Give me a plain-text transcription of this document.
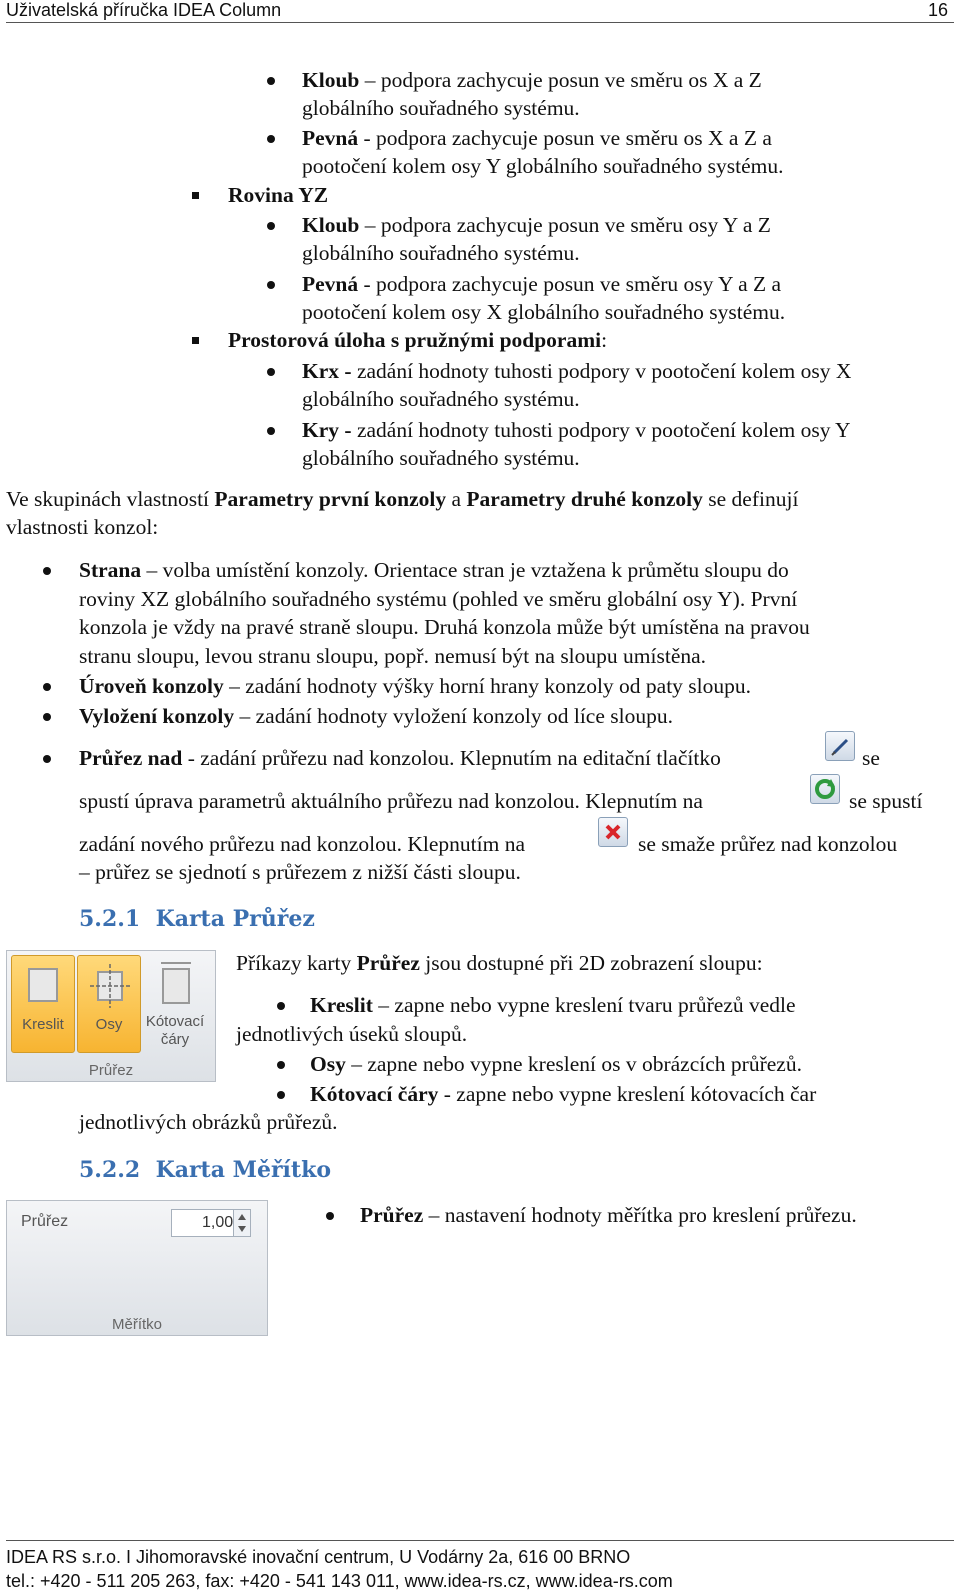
Uživatelská příručka IDEA Column	16
Kloub – podpora zachycuje posun ve směru os X a Z
globálního souřadného systému.
Pevná - podpora zachycuje posun ve směru os X a Z a
pootočení kolem osy Y globálního souřadného systému.
Rovina YZ
Kloub – podpora zachycuje posun ve směru osy Y a Z
globálního souřadného systému.
Pevná - podpora zachycuje posun ve směru osy Y a Z a
pootočení kolem osy X globálního souřadného systému.
Prostorová úloha s pružnými podporami:
Krx - zadání hodnoty tuhosti podpory v pootočení kolem osy X
globálního souřadného systému.
Kry - zadání hodnoty tuhosti podpory v pootočení kolem osy Y
globálního souřadného systému.
Ve skupinách vlastností Parametry první konzoly a Parametry druhé konzoly se definují
vlastnosti konzol:
Strana – volba umístění konzoly. Orientace stran je vztažena k průmětu sloupu do
roviny XZ globálního souřadného systému (pohled ve směru globální osy Y). První
konzola je vždy na pravé straně sloupu. Druhá konzola může být umístěna na pravou
stranu sloupu, levou stranu sloupu, popř. nemusí být na sloupu umístěna.
Úroveň konzoly – zadání hodnoty výšky horní hrany konzoly od paty sloupu.
Vyložení konzoly – zadání hodnoty vyložení konzoly od líce sloupu.
Průřez nad - zadání průřezu nad konzolou. Klepnutím na editační tlačítko	se
spustí úprava parametrů aktuálního průřezu nad konzolou. Klepnutím na	se spustí
zadání nového průřezu nad konzolou. Klepnutím na	se smaže průřez nad konzolou
– průřez se sjednotí s průřezem z nižší části sloupu.
5.2.1 Karta Průřez
Kreslit	Osy	Kótovací
čáry
Průřez
Příkazy karty Průřez jsou dostupné při 2D zobrazení sloupu:
Kreslit – zapne nebo vypne kreslení tvaru průřezů vedle
jednotlivých úseků sloupů.
Osy – zapne nebo vypne kreslení os v obrázcích průřezů.
Kótovací čáry - zapne nebo vypne kreslení kótovacích čar
jednotlivých obrázků průřezů.
5.2.2 Karta Měřítko
Průřez	1,00
Měřítko
Průřez – nastavení hodnoty měřítka pro kreslení průřezu.
IDEA RS s.r.o. I Jihomoravské inovační centrum, U Vodárny 2a, 616 00 BRNO
tel.: +420 - 511 205 263, fax: +420 - 541 143 011, www.idea-rs.cz, www.idea-rs.com
